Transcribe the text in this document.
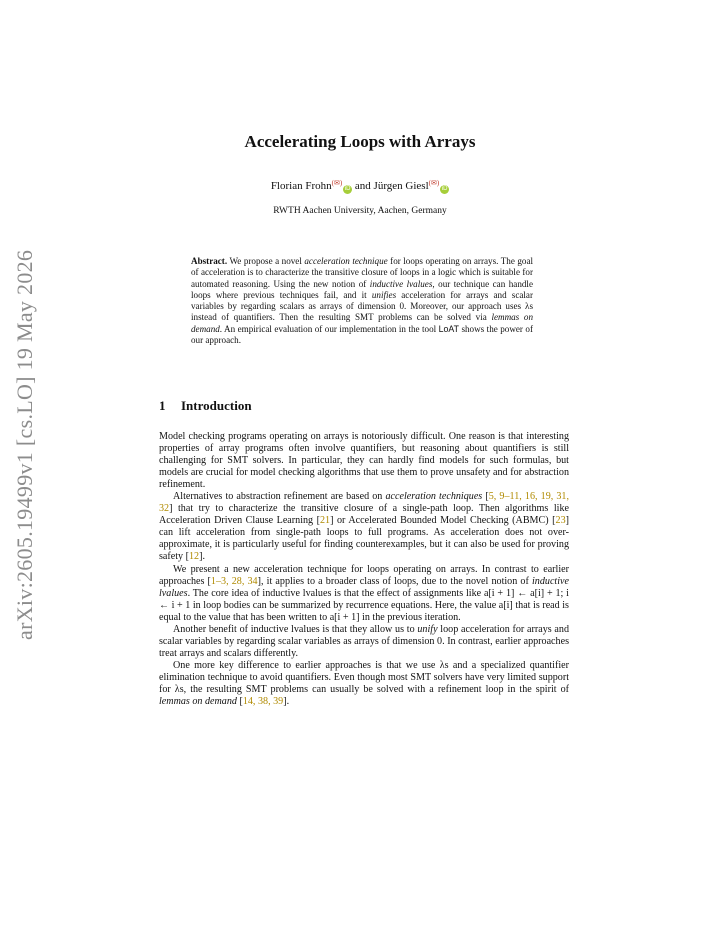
arXiv:2605.19499v1 [cs.LO] 19 May 2026
Accelerating Loops with Arrays
Florian Frohn(✉)iD and Jürgen Giesl(✉)iD
RWTH Aachen University, Aachen, Germany
Abstract. We propose a novel acceleration technique for loops operating on arrays. The goal of acceleration is to characterize the transitive closure of loops in a logic which is suitable for automated reasoning. Using the new notion of inductive lvalues, our technique can handle loops where previous techniques fail, and it unifies acceleration for arrays and scalar variables by regarding scalars as arrays of dimension 0. Moreover, our approach uses λs instead of quantifiers. Then the resulting SMT problems can be solved via lemmas on demand. An empirical evaluation of our implementation in the tool LoAT shows the power of our approach.
1 Introduction

Model checking programs operating on arrays is notoriously difficult. One reason is that interesting properties of array programs often involve quantifiers, but reasoning about quantifiers is still challenging for SMT solvers. In particular, they can hardly find models for such formulas, but models are crucial for model checking algorithms that use them to prove unsafety and for abstraction refinement.

Alternatives to abstraction refinement are based on acceleration techniques [5, 9–11, 16, 19, 31, 32] that try to characterize the transitive closure of a single-path loop. Then algorithms like Acceleration Driven Clause Learning [21] or Accelerated Bounded Model Checking (ABMC) [23] can lift acceleration from single-path loops to full programs. As acceleration does not over-approximate, it is particularly useful for finding counterexamples, but it can also be used for proving safety [12].

We present a new acceleration technique for loops operating on arrays. In contrast to earlier approaches [1–3, 28, 34], it applies to a broader class of loops, due to the novel notion of inductive lvalues. The core idea of inductive lvalues is that the effect of assignments like a[i + 1] ← a[i] + 1; i ← i + 1 in loop bodies can be summarized by recurrence equations. Here, the value a[i] that is read is equal to the value that has been written to a[i + 1] in the previous iteration.

Another benefit of inductive lvalues is that they allow us to unify loop acceleration for arrays and scalar variables by regarding scalar variables as arrays of dimension 0. In contrast, earlier approaches treat arrays and scalars differently.

One more key difference to earlier approaches is that we use λs and a specialized quantifier elimination technique to avoid quantifiers. Even though most SMT solvers have very limited support for λs, the resulting SMT problems can usually be solved with a refinement loop in the spirit of lemmas on demand [14, 38, 39].
